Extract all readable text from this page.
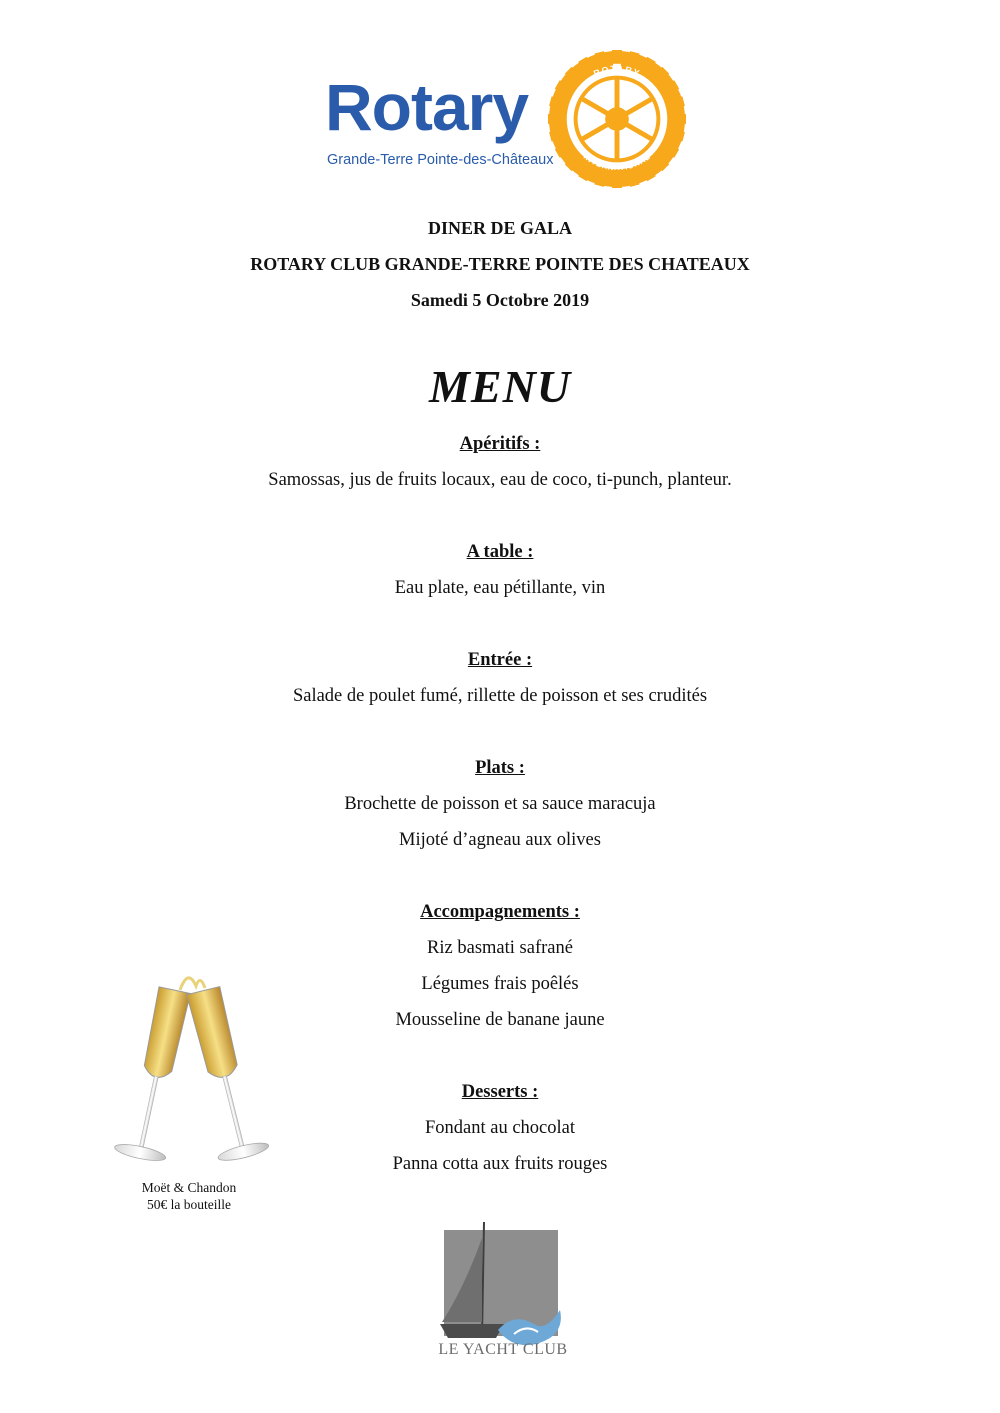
Rotary
Grande-Terre Pointe-des-Châteaux
ROTARY
INTERNATIONAL
DINER DE GALA
ROTARY CLUB GRANDE-TERRE POINTE DES CHATEAUX
Samedi 5 Octobre 2019
MENU
Apéritifs :
Samossas, jus de fruits locaux, eau de coco, ti-punch, planteur.
A table :
Eau plate, eau pétillante, vin
Entrée :
Salade de poulet fumé, rillette de poisson et ses crudités
Plats :
Brochette de poisson et sa sauce maracuja
Mijoté d’agneau aux olives
Accompagnements :
Riz basmati safrané
Légumes frais poêlés
Mousseline de banane jaune
Desserts :
Fondant au chocolat
Panna cotta aux fruits rouges
Moët & Chandon
50€ la bouteille
LE YACHT CLUB
